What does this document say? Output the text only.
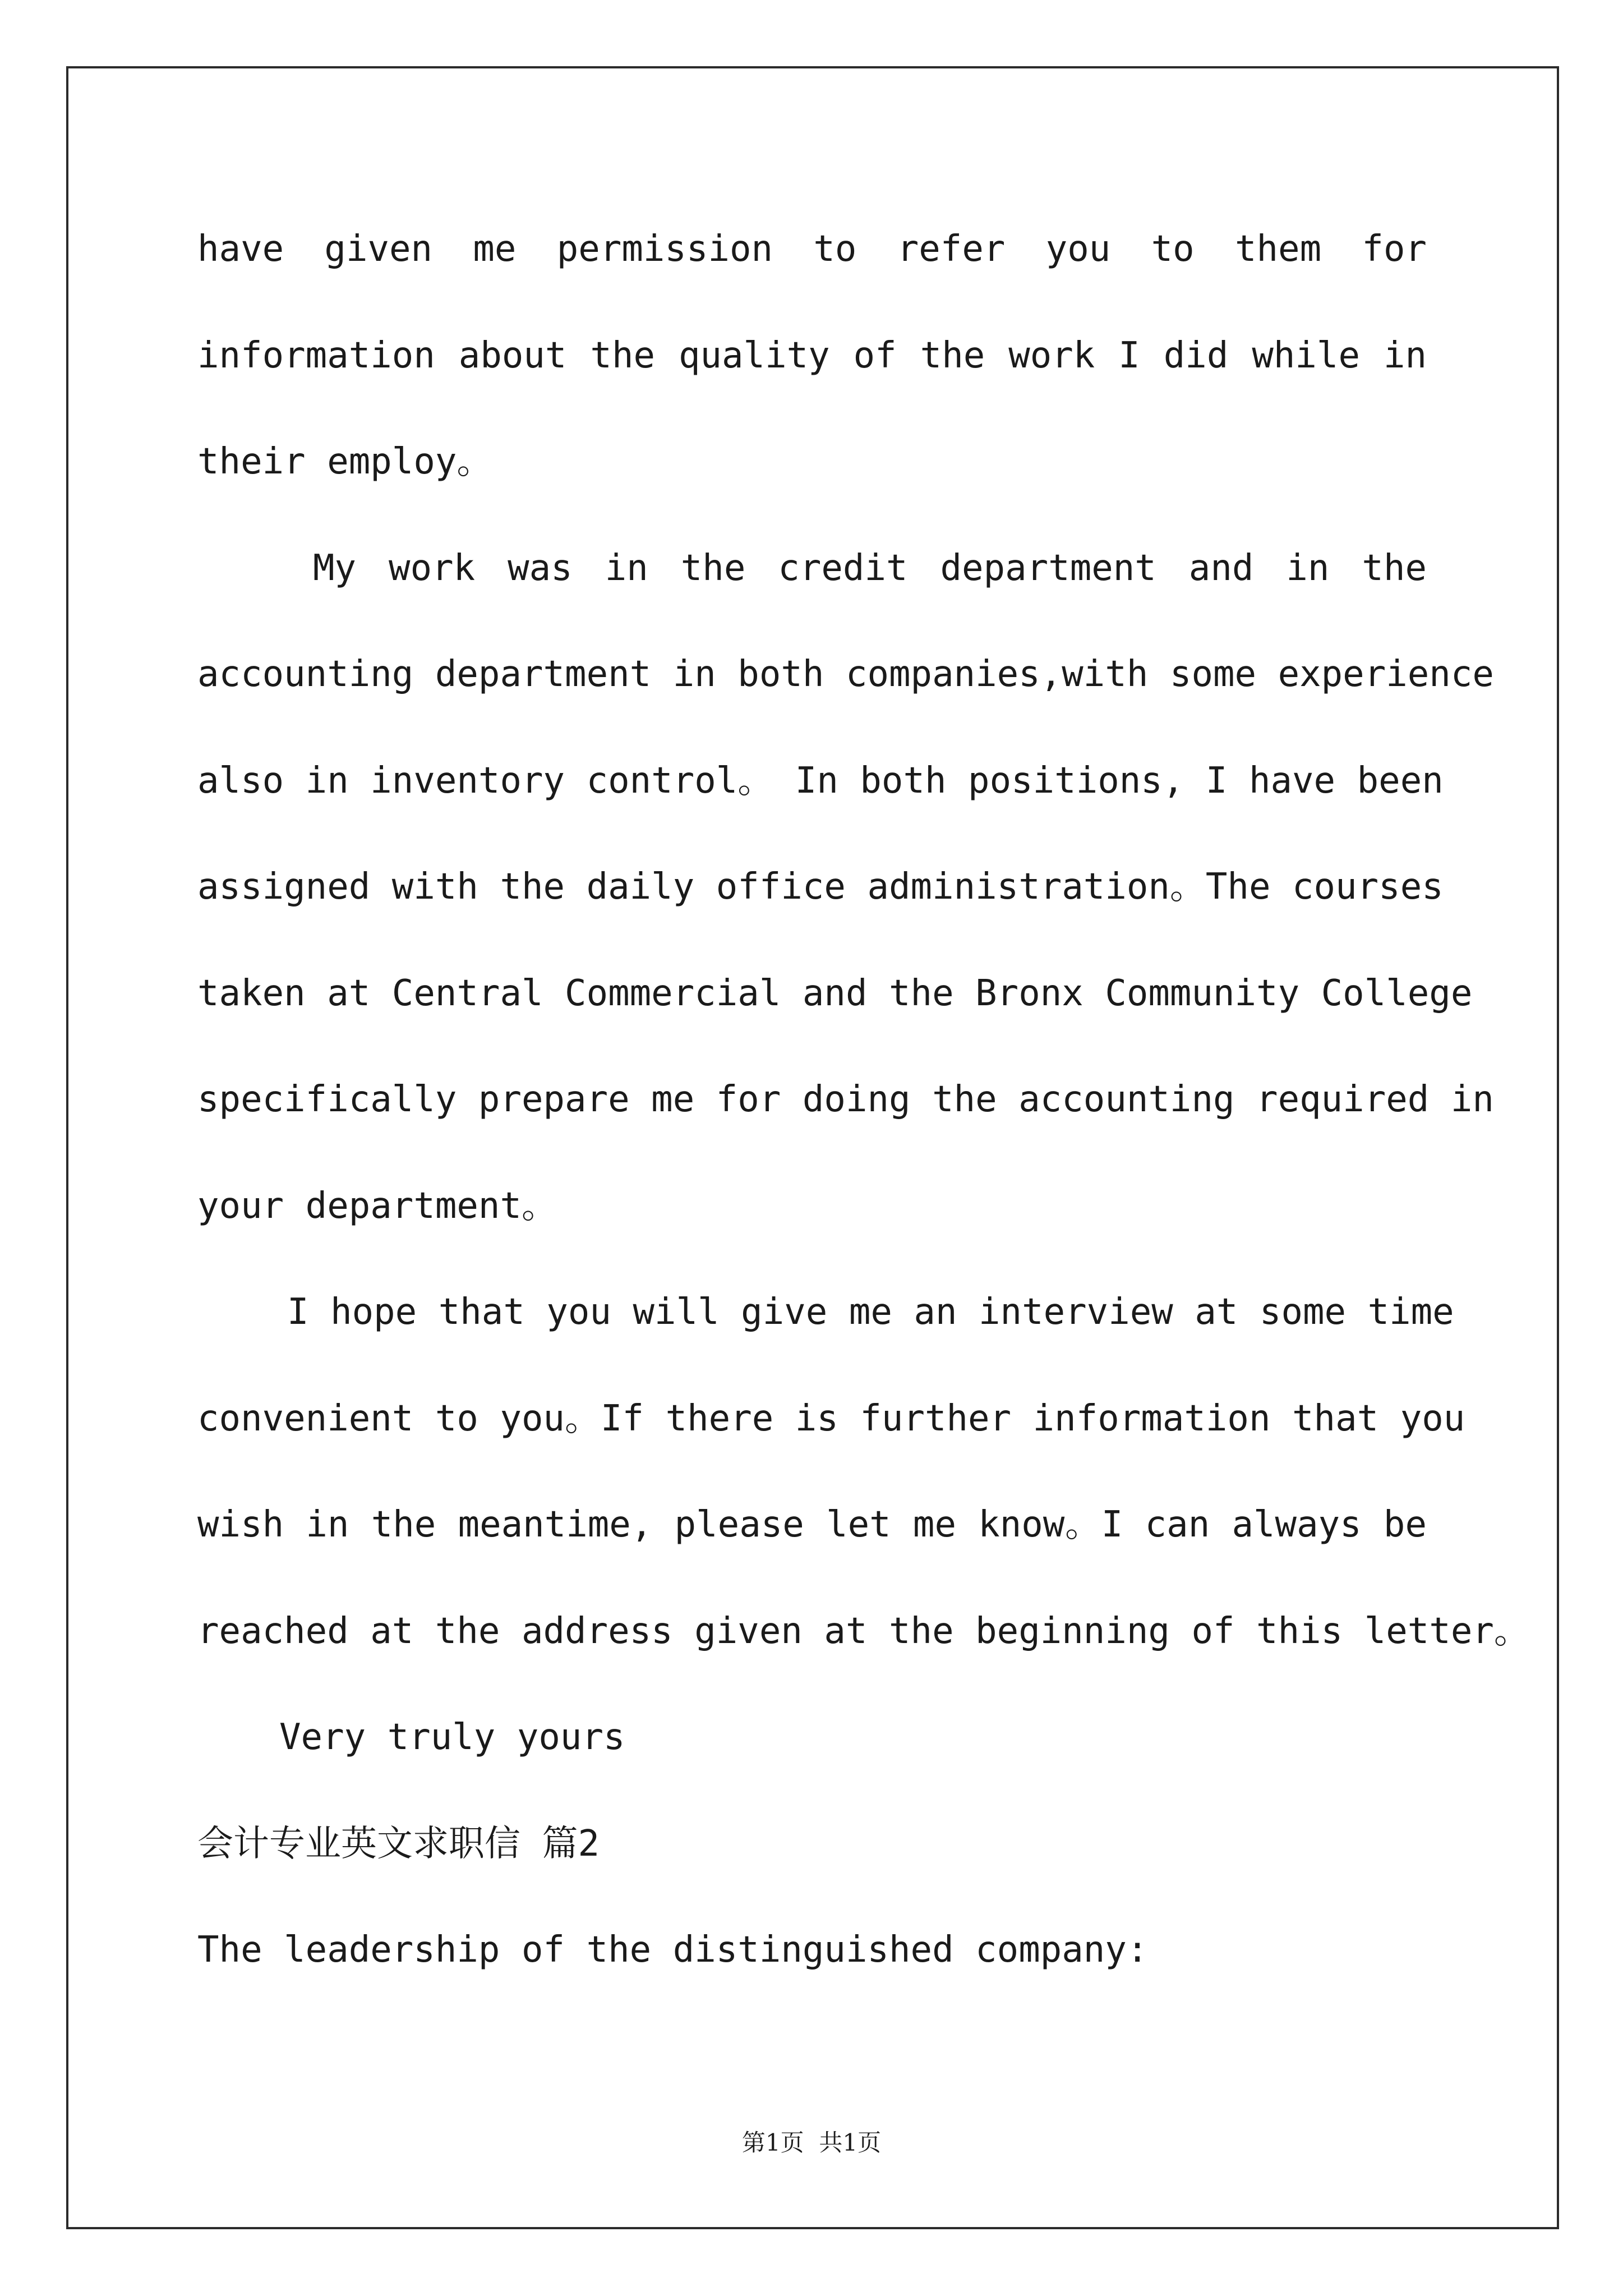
have given me permission to refer you to them for
information about the quality of the work I did while in
their employ。
My work was in the credit department and in the
accounting department in both companies,with some experience
also in inventory control。 In both positions, I have been
assigned with the daily office administration。The courses
taken at Central Commercial and the Bronx Community College
specifically prepare me for doing the accounting required in
your department。
I hope that you will give me an interview at some time
convenient to you。If there is further information that you
wish in the meantime, please let me know。I can always be
reached at the address given at the beginning of this letter。
Very truly yours
会计专业英文求职信 篇2
The leadership of the distinguished company:
第1页  共1页
